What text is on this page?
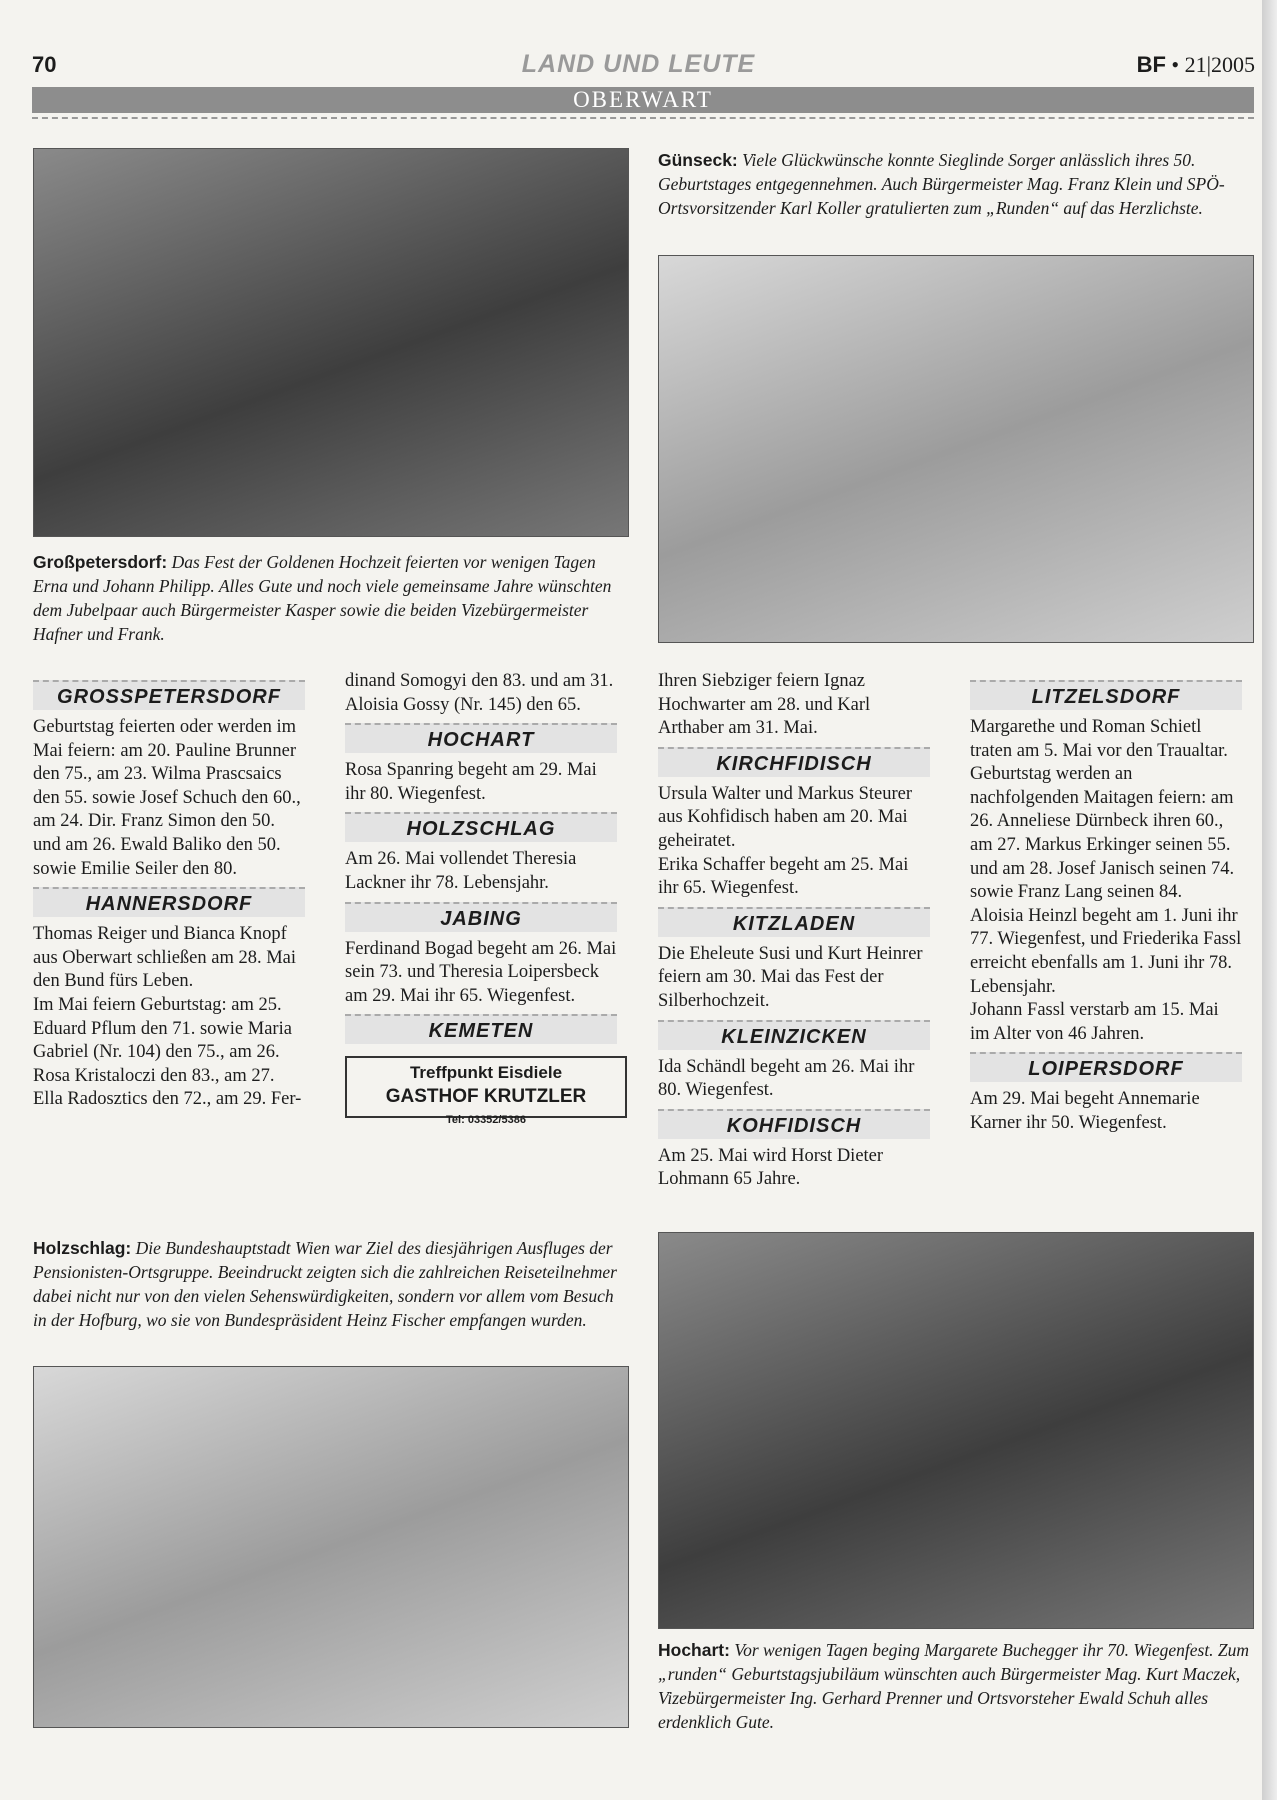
70	LAND UND LEUTE	BF • 21|2005
OBERWART
Großpetersdorf: Das Fest der Goldenen Hochzeit feierten vor wenigen Tagen Erna und Johann Philipp. Alles Gute und noch viele gemeinsame Jahre wünschten dem Jubelpaar auch Bürgermeister Kasper sowie die beiden Vizebürgermeister Hafner und Frank.
Günseck: Viele Glückwünsche konnte Sieglinde Sorger anlässlich ihres 50. Geburtstages entgegennehmen. Auch Bürgermeister Mag. Franz Klein und SPÖ-Ortsvorsitzender Karl Koller gratulierten zum „Runden“ auf das Herzlichste.
GROSSPETERSDORF

Geburtstag feierten oder werden im Mai feiern: am 20. Pauline Brunner den 75., am 23. Wilma Prascsaics den 55. sowie Josef Schuch den 60., am 24. Dir. Franz Simon den 50. und am 26. Ewald Baliko den 50. sowie Emilie Seiler den 80.

HANNERSDORF

Thomas Reiger und Bianca Knopf aus Oberwart schließen am 28. Mai den Bund fürs Leben.

Im Mai feiern Geburtstag: am 25. Eduard Pflum den 71. sowie Maria Gabriel (Nr. 104) den 75., am 26. Rosa Kristaloczi den 83., am 27. Ella Radosztics den 72., am 29. Fer-

dinand Somogyi den 83. und am 31. Aloisia Gossy (Nr. 145) den 65.

HOCHART

Rosa Spanring begeht am 29. Mai ihr 80. Wiegenfest.

HOLZSCHLAG

Am 26. Mai vollendet Theresia Lackner ihr 78. Lebensjahr.

JABING

Ferdinand Bogad begeht am 26. Mai sein 73. und Theresia Loipersbeck am 29. Mai ihr 65. Wiegenfest.

KEMETEN
Treffpunkt Eisdiele
GASTHOF KRUTZLER
Tel: 03352/5386

Ihren Siebziger feiern Ignaz Hochwarter am 28. und Karl Arthaber am 31. Mai.

KIRCHFIDISCH

Ursula Walter und Markus Steurer aus Kohfidisch haben am 20. Mai geheiratet.

Erika Schaffer begeht am 25. Mai ihr 65. Wiegenfest.

KITZLADEN

Die Eheleute Susi und Kurt Heinrer feiern am 30. Mai das Fest der Silberhochzeit.

KLEINZICKEN

Ida Schändl begeht am 26. Mai ihr 80. Wiegenfest.

KOHFIDISCH

Am 25. Mai wird Horst Dieter Lohmann 65 Jahre.

LITZELSDORF

Margarethe und Roman Schietl traten am 5. Mai vor den Traualtar.

Geburtstag werden an nachfolgenden Maitagen feiern: am 26. Anneliese Dürnbeck ihren 60., am 27. Markus Erkinger seinen 55. und am 28. Josef Janisch seinen 74. sowie Franz Lang seinen 84.

Aloisia Heinzl begeht am 1. Juni ihr 77. Wiegenfest, und Friederika Fassl erreicht ebenfalls am 1. Juni ihr 78. Lebensjahr.

Johann Fassl verstarb am 15. Mai im Alter von 46 Jahren.

LOIPERSDORF

Am 29. Mai begeht Annemarie Karner ihr 50. Wiegenfest.

Holzschlag: Die Bundeshauptstadt Wien war Ziel des diesjährigen Ausfluges der Pensionisten-Ortsgruppe. Beeindruckt zeigten sich die zahlreichen Reiseteilnehmer dabei nicht nur von den vielen Sehenswürdigkeiten, sondern vor allem vom Besuch in der Hofburg, wo sie von Bundespräsident Heinz Fischer empfangen wurden.
Hochart: Vor wenigen Tagen beging Margarete Buchegger ihr 70. Wiegenfest. Zum „runden“ Geburtstagsjubiläum wünschten auch Bürgermeister Mag. Kurt Maczek, Vizebürgermeister Ing. Gerhard Prenner und Ortsvorsteher Ewald Schuh alles erdenklich Gute.
